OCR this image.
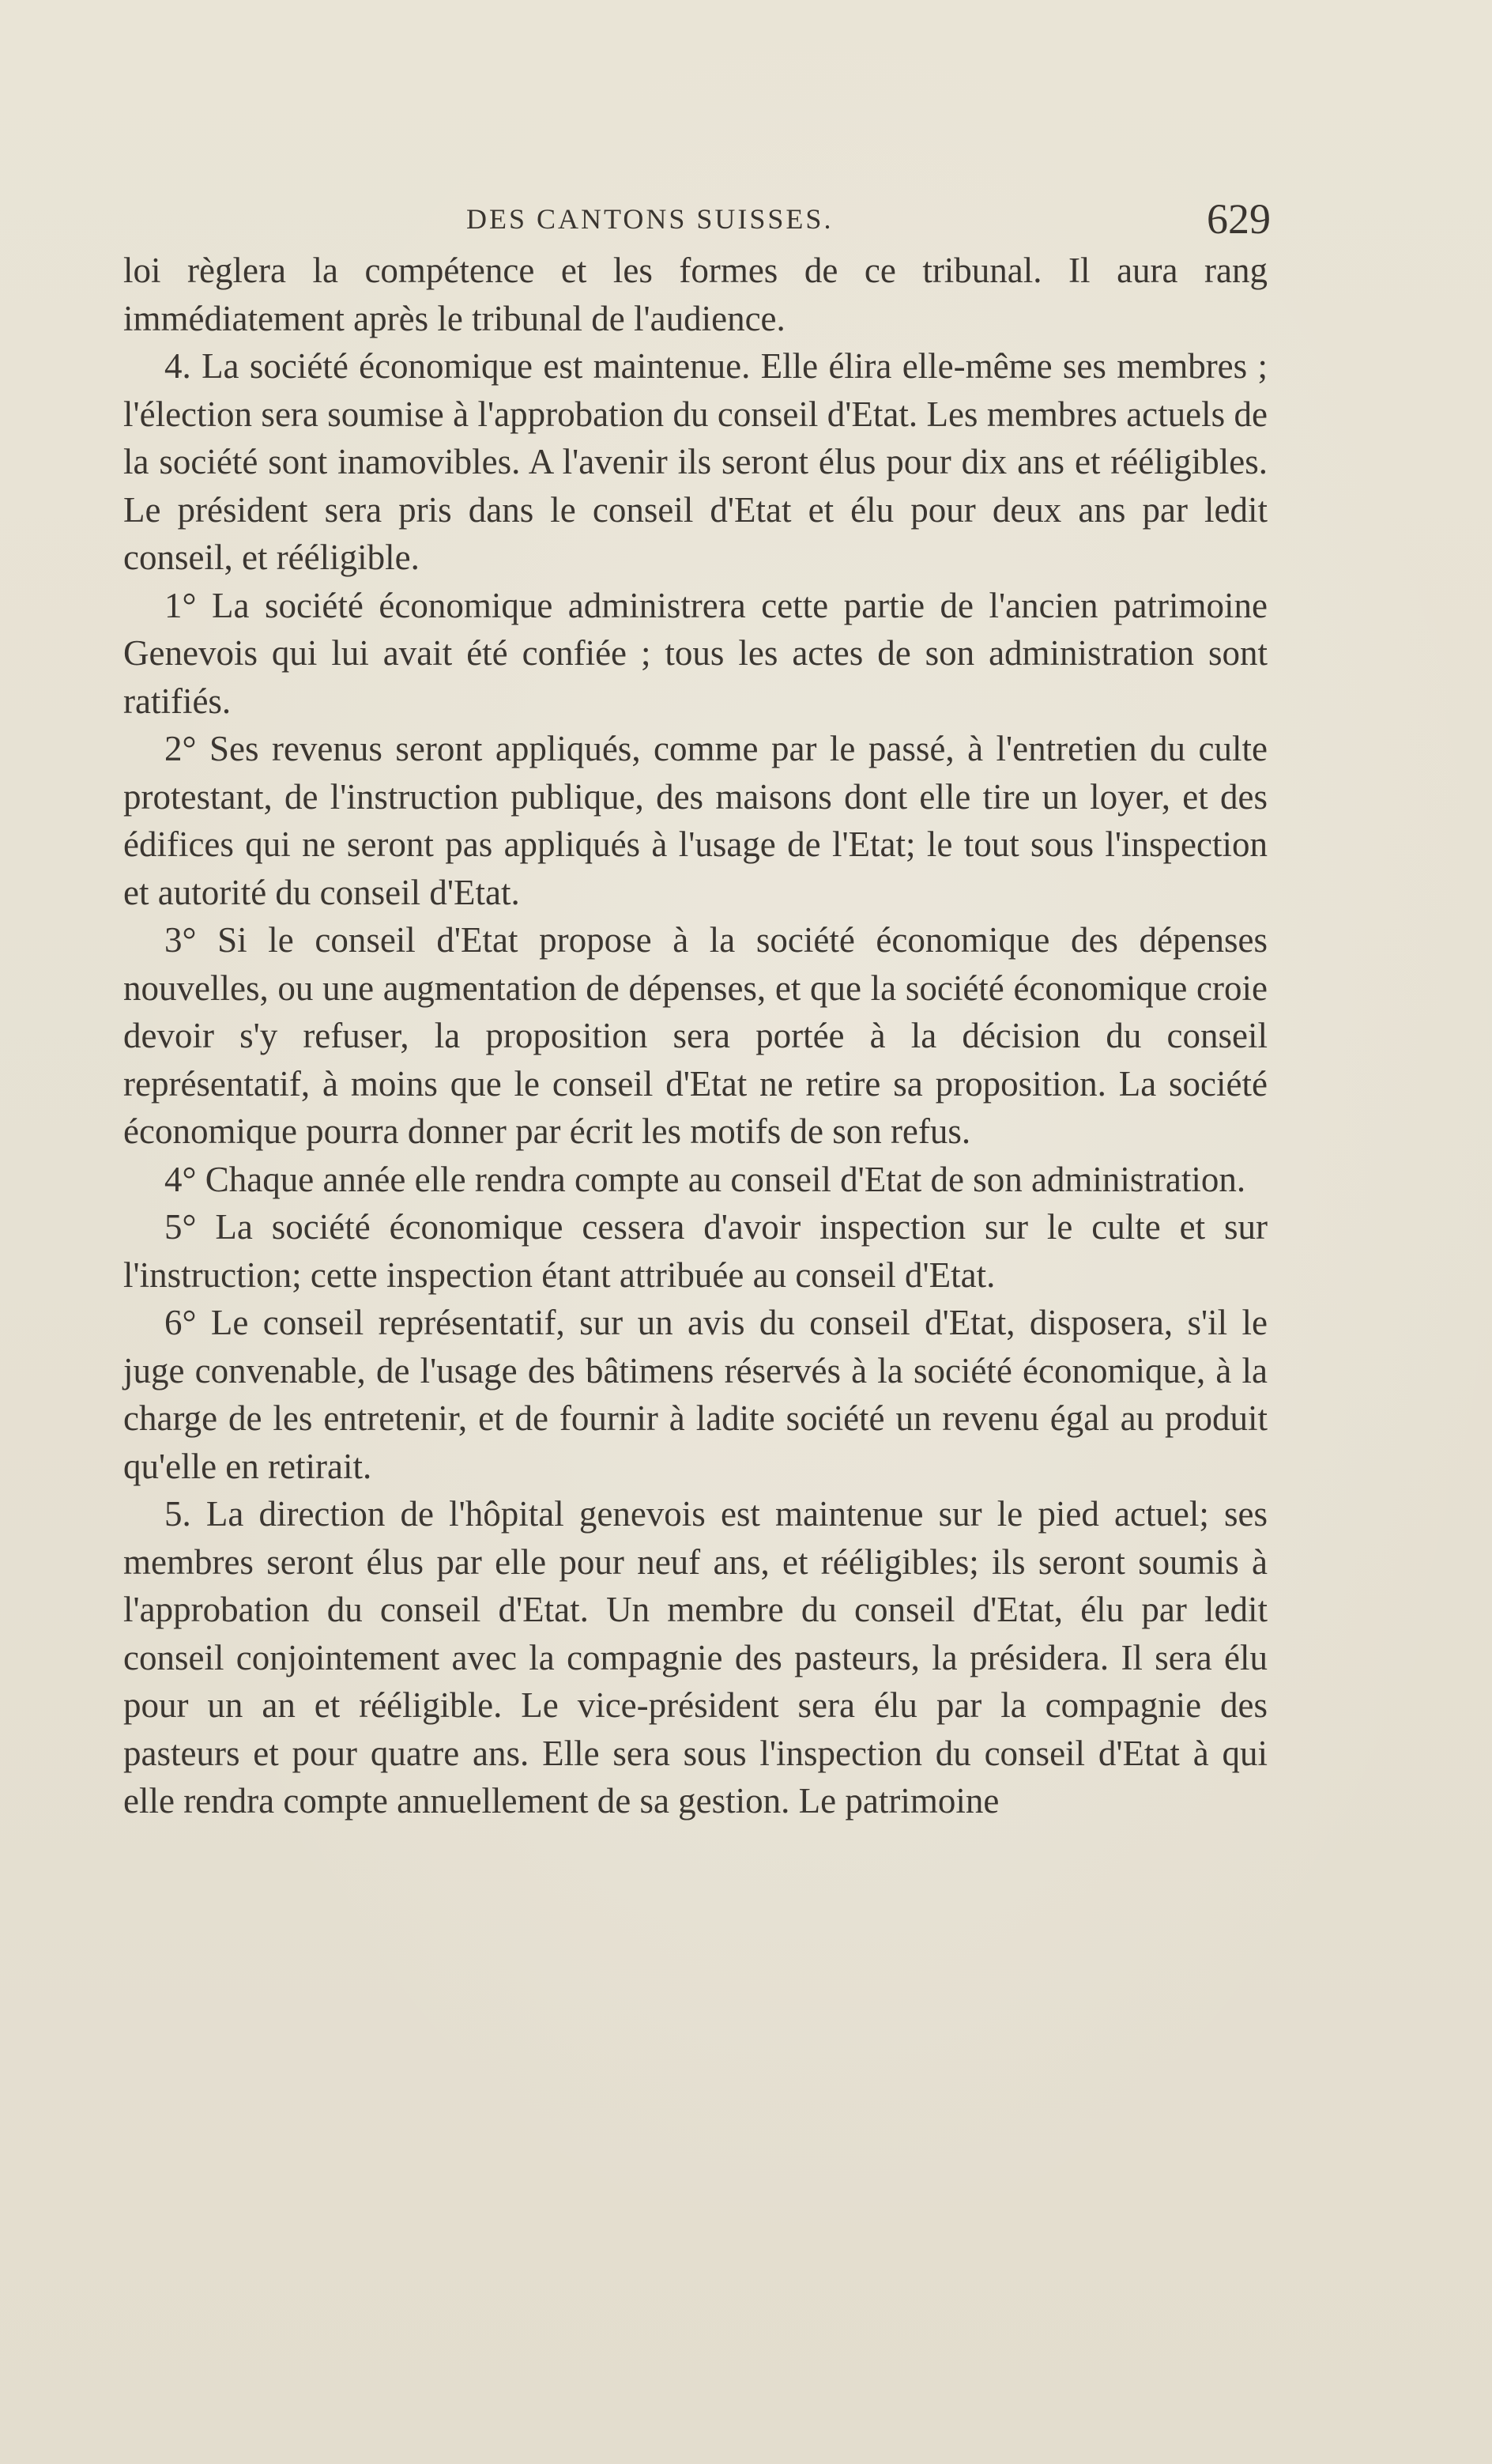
DES CANTONS SUISSES.	629

loi règlera la compétence et les formes de ce tribunal. Il aura rang immédiatement après le tribunal de l'audience.

4. La société économique est maintenue. Elle élira elle-même ses membres ; l'élection sera soumise à l'approbation du conseil d'Etat. Les membres actuels de la société sont inamovibles. A l'avenir ils seront élus pour dix ans et rééligibles. Le président sera pris dans le conseil d'Etat et élu pour deux ans par ledit conseil, et rééligible.

1° La société économique administrera cette partie de l'ancien patrimoine Genevois qui lui avait été confiée ; tous les actes de son administration sont ratifiés.

2° Ses revenus seront appliqués, comme par le passé, à l'entretien du culte protestant, de l'instruction publique, des maisons dont elle tire un loyer, et des édifices qui ne seront pas appliqués à l'usage de l'Etat; le tout sous l'inspection et autorité du conseil d'Etat.

3° Si le conseil d'Etat propose à la société économique des dépenses nouvelles, ou une augmentation de dépenses, et que la société économique croie devoir s'y refuser, la proposition sera portée à la décision du conseil représentatif, à moins que le conseil d'Etat ne retire sa proposition. La société économique pourra donner par écrit les motifs de son refus.

4° Chaque année elle rendra compte au conseil d'Etat de son administration.

5° La société économique cessera d'avoir inspection sur le culte et sur l'instruction; cette inspection étant attribuée au conseil d'Etat.

6° Le conseil représentatif, sur un avis du conseil d'Etat, disposera, s'il le juge convenable, de l'usage des bâtimens réservés à la société économique, à la charge de les entretenir, et de fournir à ladite société un revenu égal au produit qu'elle en retirait.

5. La direction de l'hôpital genevois est maintenue sur le pied actuel; ses membres seront élus par elle pour neuf ans, et rééligibles; ils seront soumis à l'approbation du conseil d'Etat. Un membre du conseil d'Etat, élu par ledit conseil conjointement avec la compagnie des pasteurs, la présidera. Il sera élu pour un an et rééligible. Le vice-président sera élu par la compagnie des pasteurs et pour quatre ans. Elle sera sous l'inspection du conseil d'Etat à qui elle rendra compte annuellement de sa gestion. Le patrimoine
